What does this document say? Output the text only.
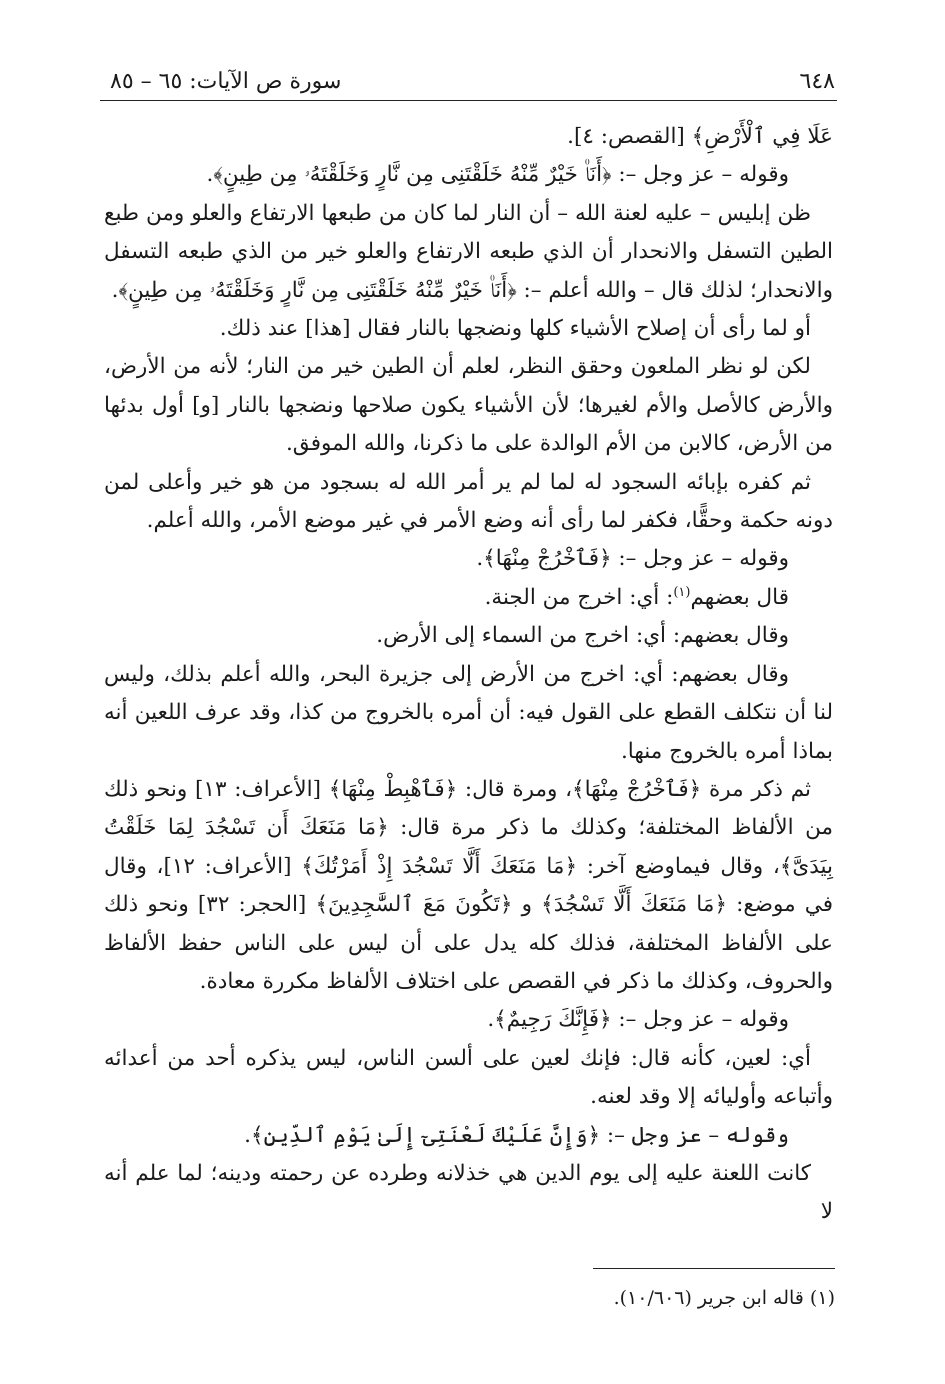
٦٤٨
سورة ص الآيات: ٦٥ – ٨٥

عَلَا فِي ٱلْأَرْضِ﴾ [القصص: ٤].

وقوله – عز وجل –: ﴿أَنَا۠ خَيْرٌ مِّنْهُ خَلَقْتَنِى مِن نَّارٍ وَخَلَقْتَهُۥ مِن طِينٍ﴾.

ظن إبليس – عليه لعنة الله – أن النار لما كان من طبعها الارتفاع والعلو ومن طبع الطين التسفل والانحدار أن الذي طبعه الارتفاع والعلو خير من الذي طبعه التسفل والانحدار؛ لذلك قال – والله أعلم –: ﴿أَنَا۠ خَيْرٌ مِّنْهُ خَلَقْتَنِى مِن نَّارٍ وَخَلَقْتَهُۥ مِن طِينٍ﴾.

أو لما رأى أن إصلاح الأشياء كلها ونضجها بالنار فقال [هذا] عند ذلك.

لكن لو نظر الملعون وحقق النظر، لعلم أن الطين خير من النار؛ لأنه من الأرض، والأرض كالأصل والأم لغيرها؛ لأن الأشياء يكون صلاحها ونضجها بالنار [و] أول بدئها من الأرض، كالابن من الأم الوالدة على ما ذكرنا، والله الموفق.

ثم كفره بإبائه السجود له لما لم ير أمر الله له بسجود من هو خير وأعلى لمن دونه حكمة وحقًّا، فكفر لما رأى أنه وضع الأمر في غير موضع الأمر، والله أعلم.

وقوله – عز وجل –: ﴿فَٱخْرُجْ مِنْهَا﴾.

قال بعضهم$^{(١)}$: أي: اخرج من الجنة.

وقال بعضهم: أي: اخرج من السماء إلى الأرض.

وقال بعضهم: أي: اخرج من الأرض إلى جزيرة البحر، والله أعلم بذلك، وليس لنا أن نتكلف القطع على القول فيه: أن أمره بالخروج من كذا، وقد عرف اللعين أنه بماذا أمره بالخروج منها.

ثم ذكر مرة ﴿فَٱخْرُجْ مِنْهَا﴾، ومرة قال: ﴿فَٱهْبِطْ مِنْهَا﴾ [الأعراف: ١٣] ونحو ذلك من الألفاظ المختلفة؛ وكذلك ما ذكر مرة قال: ﴿مَا مَنَعَكَ أَن تَسْجُدَ لِمَا خَلَقْتُ بِيَدَىَّ﴾، وقال فيماوضع آخر: ﴿مَا مَنَعَكَ أَلَّا تَسْجُدَ إِذْ أَمَرْتُكَ﴾ [الأعراف: ١٢]، وقال في موضع: ﴿مَا مَنَعَكَ أَلَّا تَسْجُدَ﴾ و ﴿تَكُونَ مَعَ ٱلسَّٰجِدِينَ﴾ [الحجر: ٣٢] ونحو ذلك على الألفاظ المختلفة، فذلك كله يدل على أن ليس على الناس حفظ الألفاظ والحروف، وكذلك ما ذكر في القصص على اختلاف الألفاظ مكررة معادة.

وقوله – عز وجل –: ﴿فَإِنَّكَ رَجِيمٌ﴾.

أي: لعين، كأنه قال: فإنك لعين على ألسن الناس، ليس يذكره أحد من أعدائه وأتباعه وأوليائه إلا وقد لعنه.

وقوله – عز وجل –: ﴿وَإِنَّ عَلَيْكَ لَعْنَتِىٓ إِلَىٰ يَوْمِ ٱلدِّينِ﴾.

كانت اللعنة عليه إلى يوم الدين هي خذلانه وطرده عن رحمته ودينه؛ لما علم أنه لا

(١) قاله ابن جرير (١٠/٦٠٦).
